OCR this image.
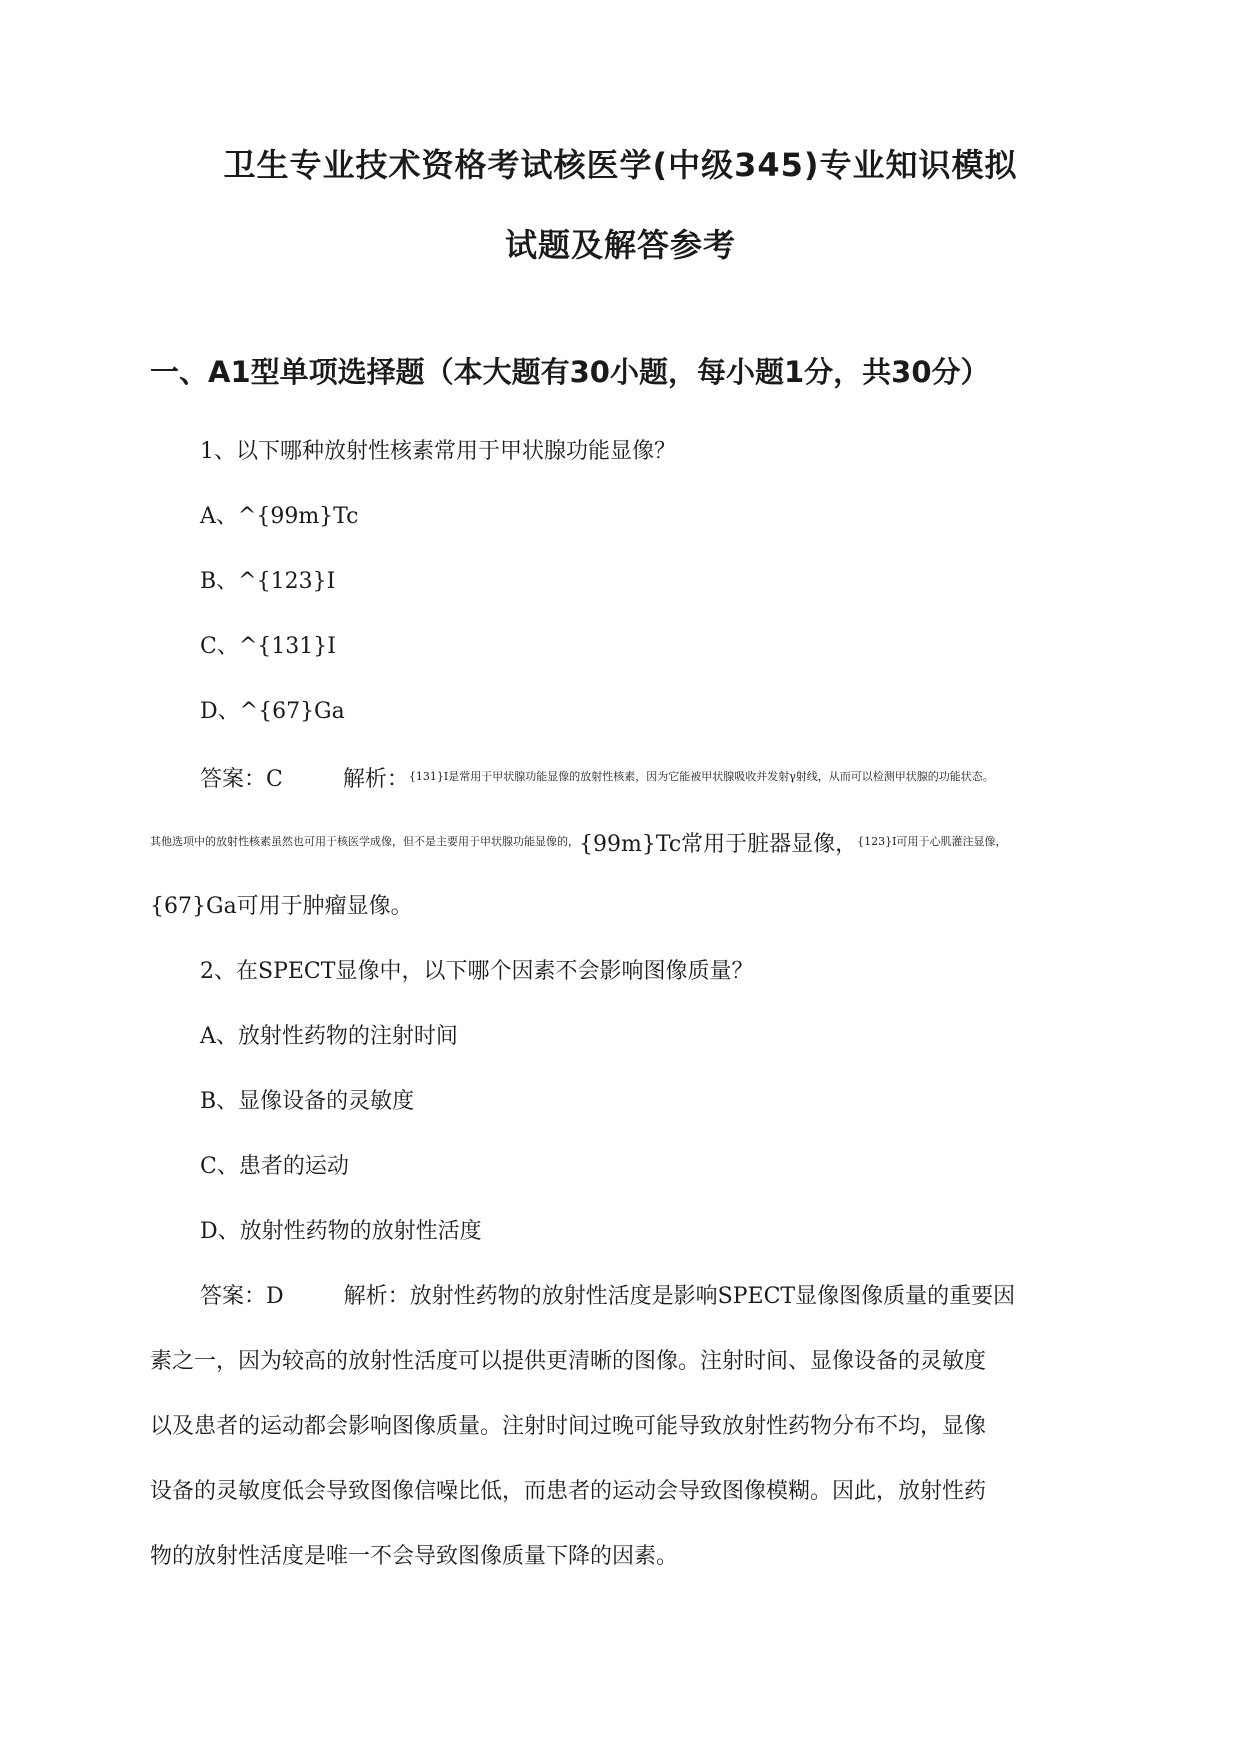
卫生专业技术资格考试核医学(中级345)专业知识模拟
试题及解答参考
一、A1型单项选择题（本大题有30小题，每小题1分，共30分）
1、以下哪种放射性核素常用于甲状腺功能显像？
A、^{99m}Tc
B、^{123}I
C、^{131}I
D、^{67}Ga
答案：C	解析：$^{\{131\}I是常用于甲状腺功能显像的放射性核素,因为它能被甲状腺吸收并发射\gamma 射线,从而可以检测甲状腺的功能状态。}$
$^{其他选项中的放射性核素虽然也可用于核医学成像,但不是主要用于甲状腺功能显像的,}${99m}Tc常用于脏器显像，$^{\{123\}I可用于心肌灌注显像,}$
{67}Ga可用于肿瘤显像。
2、在SPECT显像中，以下哪个因素不会影响图像质量？
A、放射性药物的注射时间
B、显像设备的灵敏度
C、患者的运动
D、放射性药物的放射性活度
答案：D	解析：放射性药物的放射性活度是影响SPECT显像图像质量的重要因
素之一，因为较高的放射性活度可以提供更清晰的图像。注射时间、显像设备的灵敏度
以及患者的运动都会影响图像质量。注射时间过晚可能导致放射性药物分布不均，显像
设备的灵敏度低会导致图像信噪比低，而患者的运动会导致图像模糊。因此，放射性药
物的放射性活度是唯一不会导致图像质量下降的因素。
